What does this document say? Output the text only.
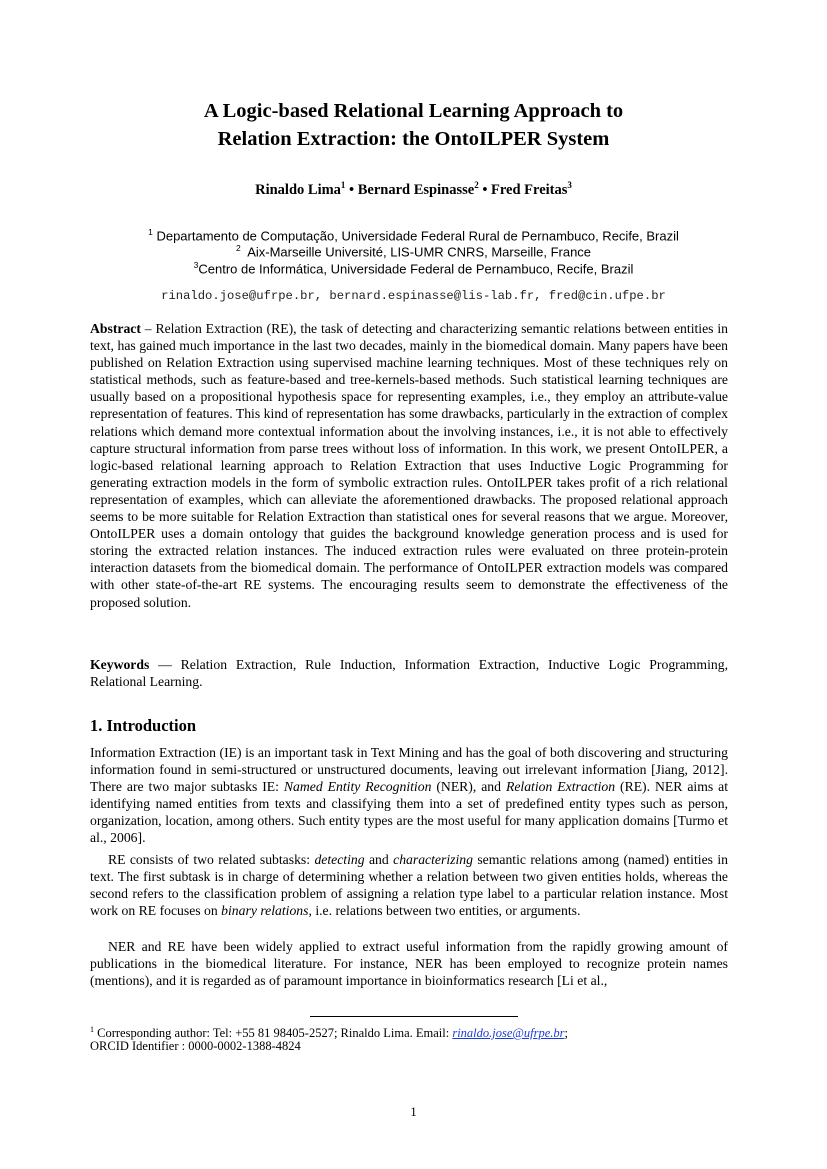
A Logic-based Relational Learning Approach to
Relation Extraction: the OntoILPER System
Rinaldo Lima$^1$ • Bernard Espinasse$^2$ • Fred Freitas$^3$
$^1$ Departamento de Computação, Universidade Federal Rural de Pernambuco, Recife, Brazil
$^2$ Aix-Marseille Université, LIS-UMR CNRS, Marseille, France
$^3$Centro de Informática, Universidade Federal de Pernambuco, Recife, Brazil
rinaldo.jose@ufrpe.br, bernard.espinasse@lis-lab.fr, fred@cin.ufpe.br
Abstract – Relation Extraction (RE), the task of detecting and characterizing semantic relations between entities in text, has gained much importance in the last two decades, mainly in the biomedical domain. Many papers have been published on Relation Extraction using supervised machine learning techniques. Most of these techniques rely on statistical methods, such as feature-based and tree-kernels-based methods. Such statistical learning techniques are usually based on a propositional hypothesis space for representing examples, i.e., they employ an attribute-value representation of features. This kind of representation has some drawbacks, particularly in the extraction of complex relations which demand more contextual information about the involving instances, i.e., it is not able to effectively capture structural information from parse trees without loss of information. In this work, we present OntoILPER, a logic-based relational learning approach to Relation Extraction that uses Inductive Logic Programming for generating extraction models in the form of symbolic extraction rules. OntoILPER takes profit of a rich relational representation of examples, which can alleviate the aforementioned drawbacks. The proposed relational approach seems to be more suitable for Relation Extraction than statistical ones for several reasons that we argue. Moreover, OntoILPER uses a domain ontology that guides the background knowledge generation process and is used for storing the extracted relation instances. The induced extraction rules were evaluated on three protein-protein interaction datasets from the biomedical domain. The performance of OntoILPER extraction models was compared with other state-of-the-art RE systems. The encouraging results seem to demonstrate the effectiveness of the proposed solution.
Keywords — Relation Extraction, Rule Induction, Information Extraction, Inductive Logic Programming, Relational Learning.
1. Introduction
Information Extraction (IE) is an important task in Text Mining and has the goal of both discovering and structuring information found in semi-structured or unstructured documents, leaving out irrelevant information [Jiang, 2012]. There are two major subtasks IE: Named Entity Recognition (NER), and Relation Extraction (RE). NER aims at identifying named entities from texts and classifying them into a set of predefined entity types such as person, organization, location, among others. Such entity types are the most useful for many application domains [Turmo et al., 2006].
RE consists of two related subtasks: detecting and characterizing semantic relations among (named) entities in text. The first subtask is in charge of determining whether a relation between two given entities holds, whereas the second refers to the classification problem of assigning a relation type label to a particular relation instance. Most work on RE focuses on binary relations, i.e. relations between two entities, or arguments.
NER and RE have been widely applied to extract useful information from the rapidly growing amount of publications in the biomedical literature. For instance, NER has been employed to recognize protein names (mentions), and it is regarded as of paramount importance in bioinformatics research [Li et al.,
$^1$ Corresponding author: Tel: +55 81 98405-2527; Rinaldo Lima. Email: rinaldo.jose@ufrpe.br;
ORCID Identifier : 0000-0002-1388-4824
1
